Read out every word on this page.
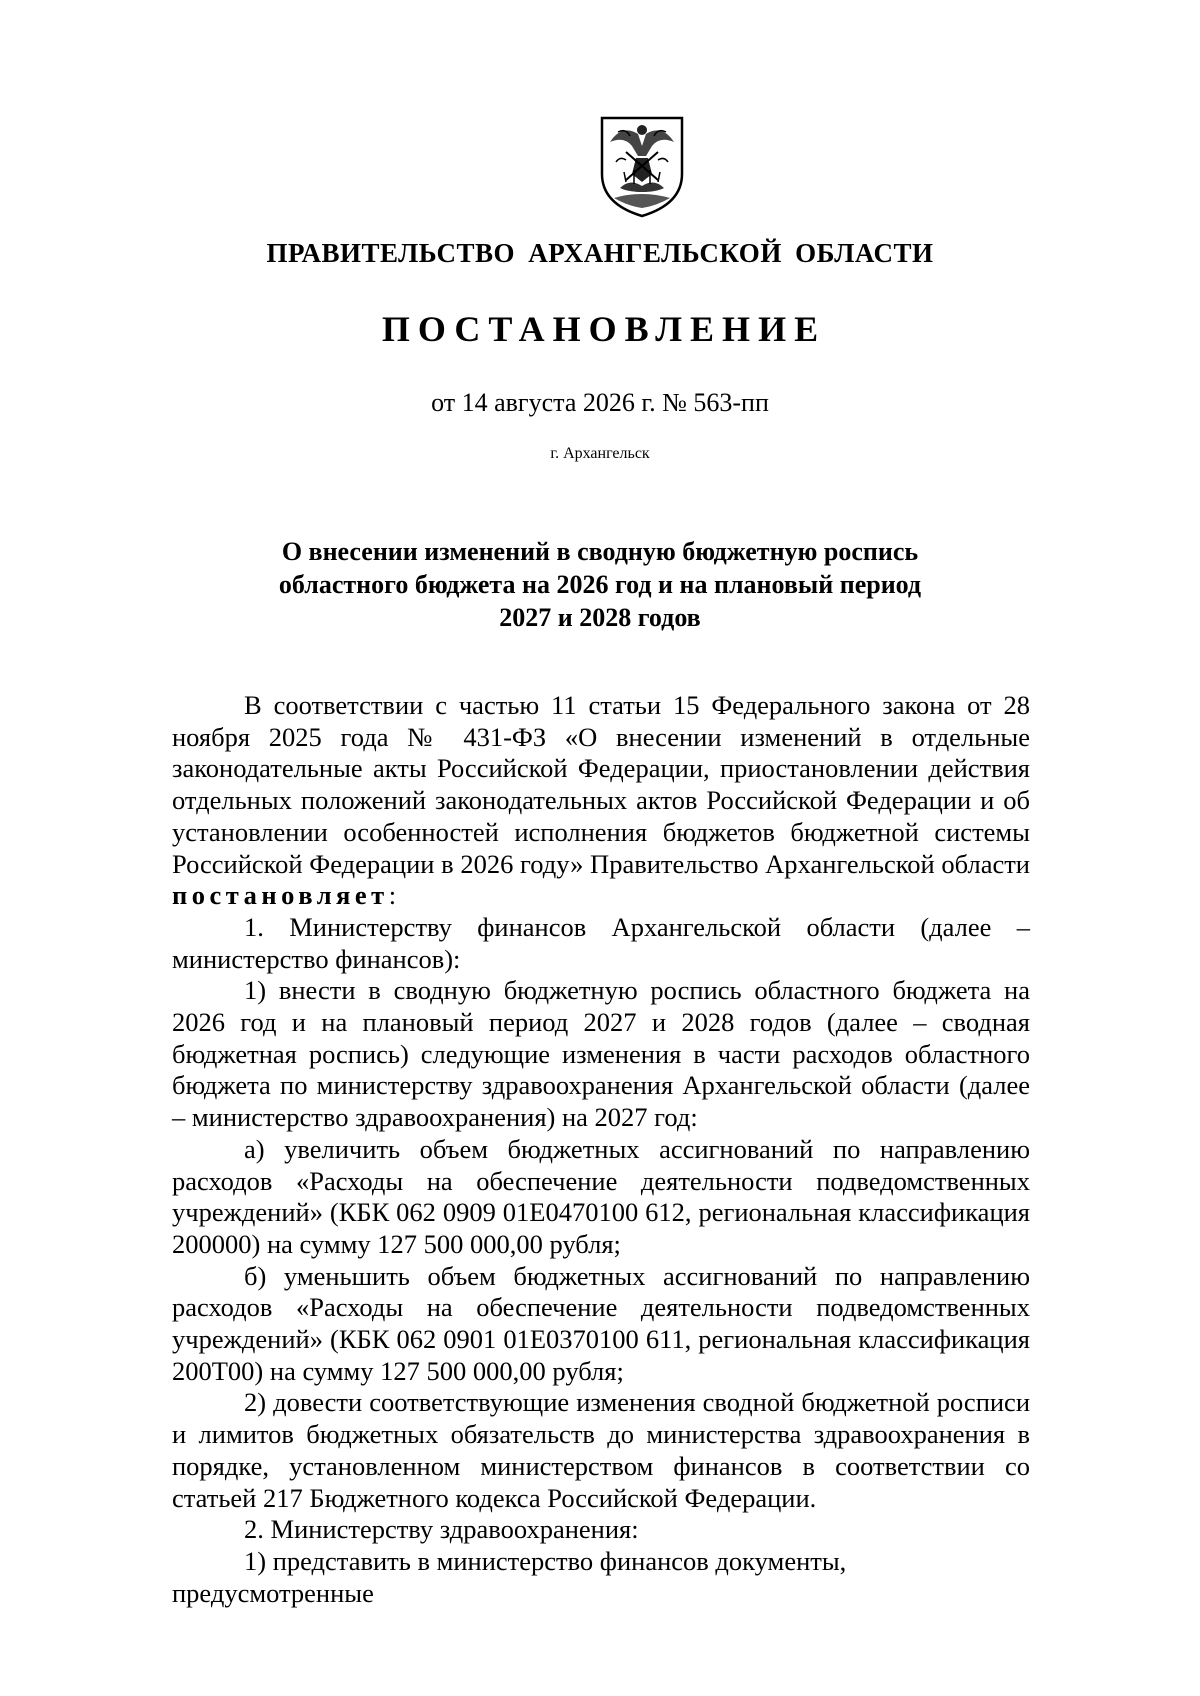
ПРАВИТЕЛЬСТВО АРХАНГЕЛЬСКОЙ ОБЛАСТИ
ПОСТАНОВЛЕНИЕ
от 14 августа 2026 г. № 563-пп
г. Архангельск
О внесении изменений в сводную бюджетную роспись
областного бюджета на 2026 год и на плановый период
2027 и 2028 годов

В соответствии с частью 11 статьи 15 Федерального закона от 28 ноября 2025 года № 431-ФЗ «О внесении изменений в отдельные законодательные акты Российской Федерации, приостановлении действия отдельных положений законодательных актов Российской Федерации и об установлении особенностей исполнения бюджетов бюджетной системы Российской Федерации в 2026 году» Правительство Архангельской области постановляет:

1. Министерству финансов Архангельской области (далее – министерство финансов):

1) внести в сводную бюджетную роспись областного бюджета на 2026 год и на плановый период 2027 и 2028 годов (далее – сводная бюджетная роспись) следующие изменения в части расходов областного бюджета по министерству здравоохранения Архангельской области (далее – министерство здравоохранения) на 2027 год:

а) увеличить объем бюджетных ассигнований по направлению расходов «Расходы на обеспечение деятельности подведомственных учреждений» (КБК 062 0909 01Е0470100 612, региональная классификация 200000) на сумму 127 500 000,00 рубля;

б) уменьшить объем бюджетных ассигнований по направлению расходов «Расходы на обеспечение деятельности подведомственных учреждений» (КБК 062 0901 01Е0370100 611, региональная классификация 200Т00) на сумму 127 500 000,00 рубля;

2) довести соответствующие изменения сводной бюджетной росписи и лимитов бюджетных обязательств до министерства здравоохранения в порядке, установленном министерством финансов в соответствии со статьей 217 Бюджетного кодекса Российской Федерации.

2. Министерству здравоохранения:

1) представить в министерство финансов документы, предусмотренные
